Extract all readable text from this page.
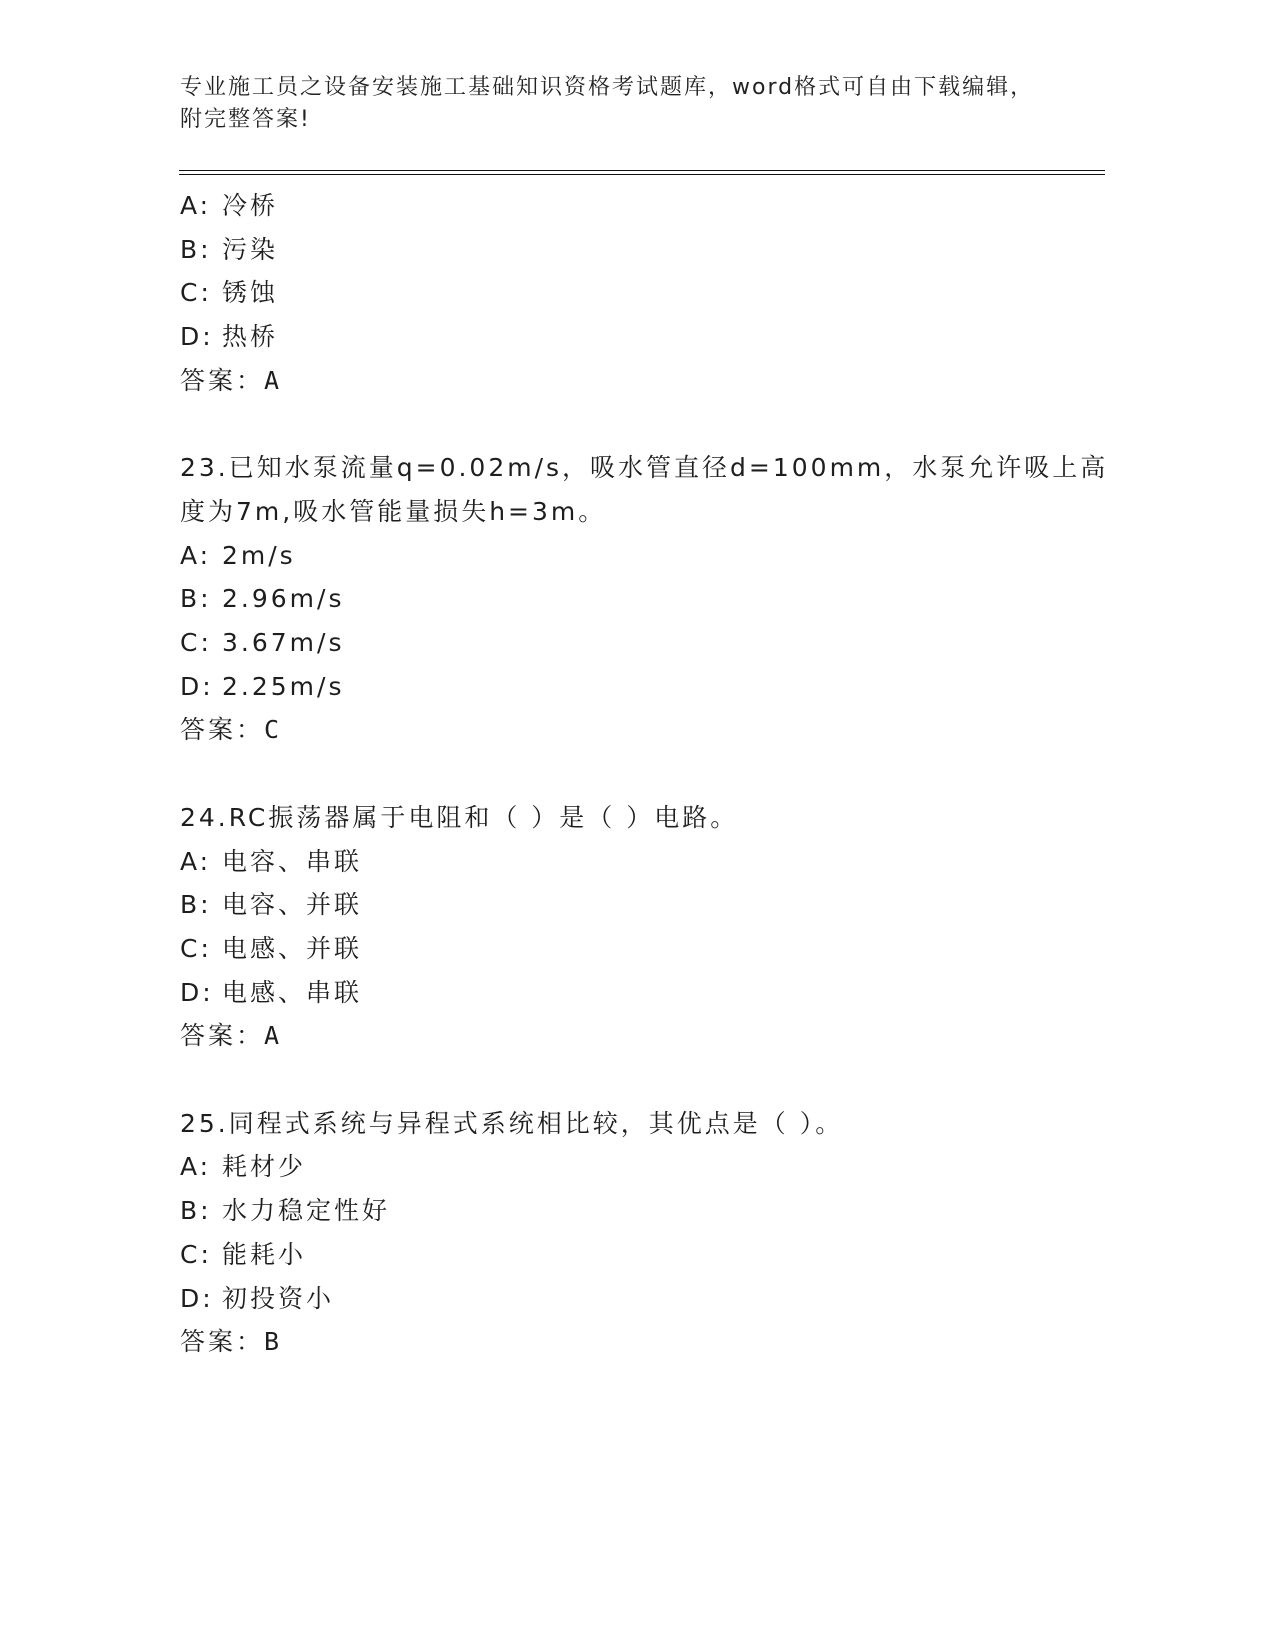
专业施工员之设备安装施工基础知识资格考试题库，word格式可自由下载编辑，
附完整答案!
A: 冷桥
B: 污染
C: 锈蚀
D: 热桥
答案：A
23.已知水泵流量q=0.02m/s，吸水管直径d=100mm，水泵允许吸上高
度为7m,吸水管能量损失h=3m。
A: 2m/s
B: 2.96m/s
C: 3.67m/s
D: 2.25m/s
答案：C
24.RC振荡器属于电阻和（ ）是（ ）电路。
A: 电容、串联
B: 电容、并联
C: 电感、并联
D: 电感、串联
答案：A
25.同程式系统与异程式系统相比较，其优点是（ ）。
A: 耗材少
B: 水力稳定性好
C: 能耗小
D: 初投资小
答案：B
